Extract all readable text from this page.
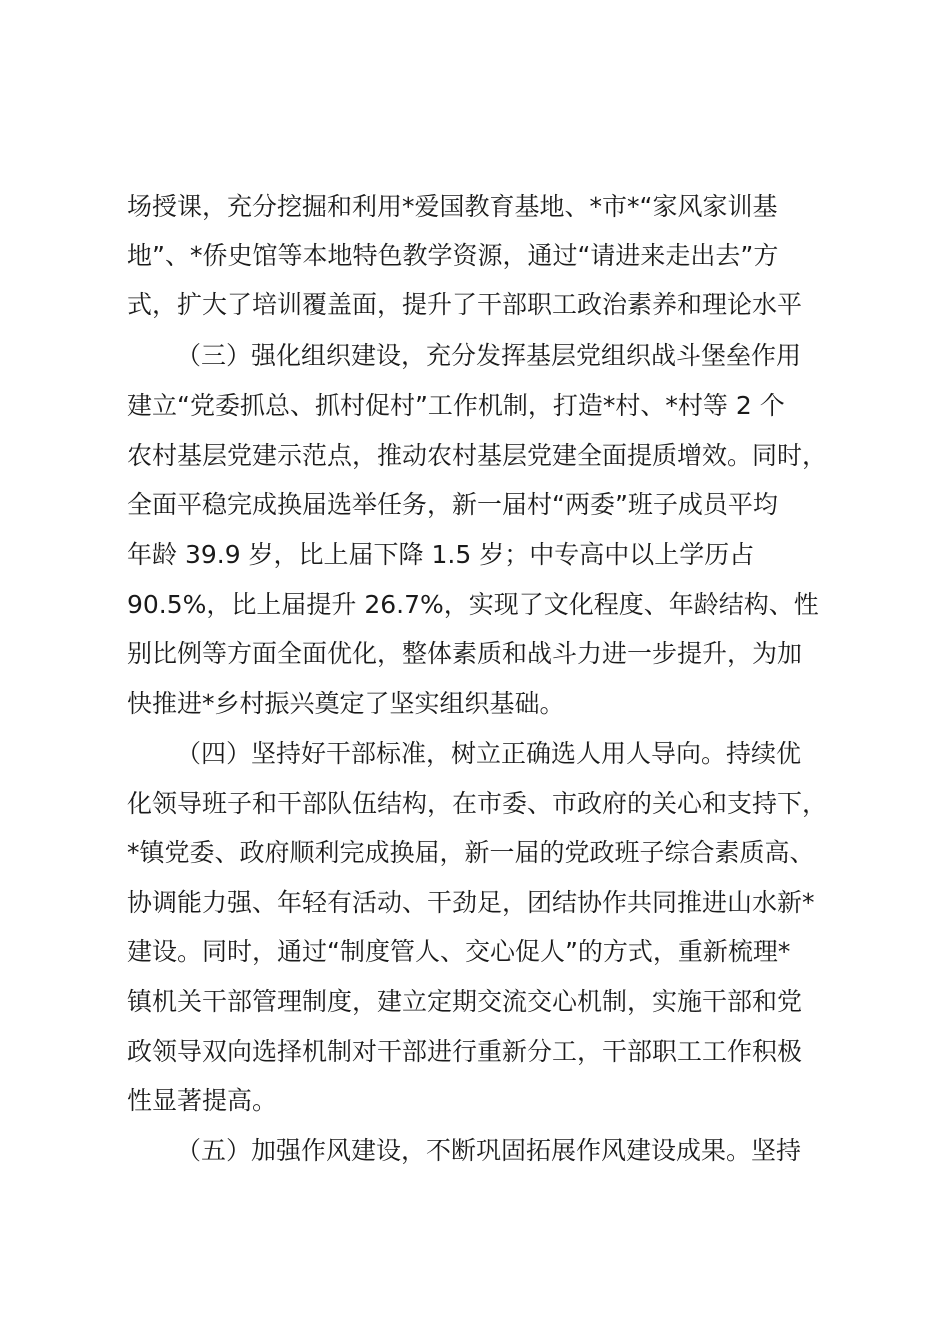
场授课，充分挖掘和利用*爱国教育基地、*市*“家风家训基
地”、*侨史馆等本地特色教学资源，通过“请进来走出去”方
式，扩大了培训覆盖面，提升了干部职工政治素养和理论水平
（三）强化组织建设，充分发挥基层党组织战斗堡垒作用
建立“党委抓总、抓村促村”工作机制，打造*村、*村等 2 个
农村基层党建示范点，推动农村基层党建全面提质增效。同时，
全面平稳完成换届选举任务，新一届村“两委”班子成员平均
年龄 39.9 岁，比上届下降 1.5 岁；中专高中以上学历占
90.5%，比上届提升 26.7%，实现了文化程度、年龄结构、性
别比例等方面全面优化，整体素质和战斗力进一步提升，为加
快推进*乡村振兴奠定了坚实组织基础。
（四）坚持好干部标准，树立正确选人用人导向。持续优
化领导班子和干部队伍结构，在市委、市政府的关心和支持下，
*镇党委、政府顺利完成换届，新一届的党政班子综合素质高、
协调能力强、年轻有活动、干劲足，团结协作共同推进山水新*
建设。同时，通过“制度管人、交心促人”的方式，重新梳理*
镇机关干部管理制度，建立定期交流交心机制，实施干部和党
政领导双向选择机制对干部进行重新分工，干部职工工作积极
性显著提高。
（五）加强作风建设，不断巩固拓展作风建设成果。坚持
